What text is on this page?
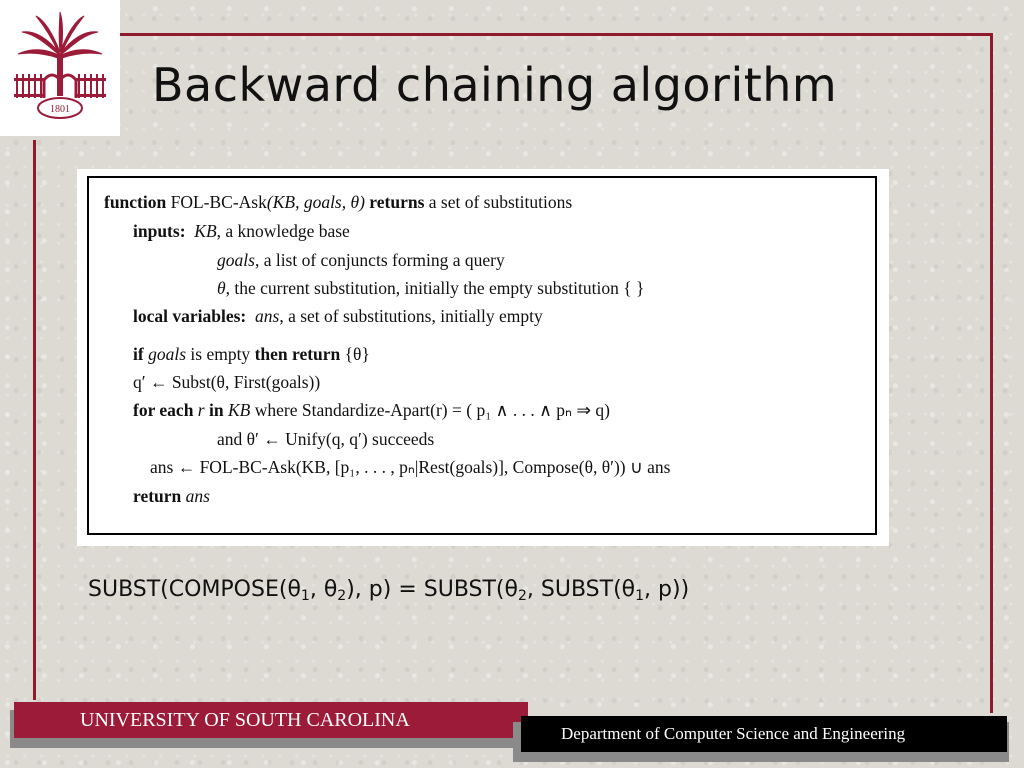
1801 Backward chaining algorithm
function FOL-BC-Ask(KB, goals, θ) returns a set of substitutions
inputs: KB, a knowledge base
goals, a list of conjuncts forming a query
θ, the current substitution, initially the empty substitution { }
local variables: ans, a set of substitutions, initially empty
if goals is empty then return {θ}
q′ ← Subst(θ, First(goals))
for each r in KB where Standardize-Apart(r) = ( p₁ ∧ . . . ∧ pₙ ⇒ q)
and θ′ ← Unify(q, q′) succeeds
ans ← FOL-BC-Ask(KB, [p₁, . . . , pₙ|Rest(goals)], Compose(θ, θ′)) ∪ ans
return ans

$SUBST(COMPOSE(\theta_1$, $\theta_2$), $p) = SUBST(\theta_2$, $SUBST(\theta_1$, p))

UNIVERSITY OF SOUTH CAROLINA
Department of Computer Science and Engineering
